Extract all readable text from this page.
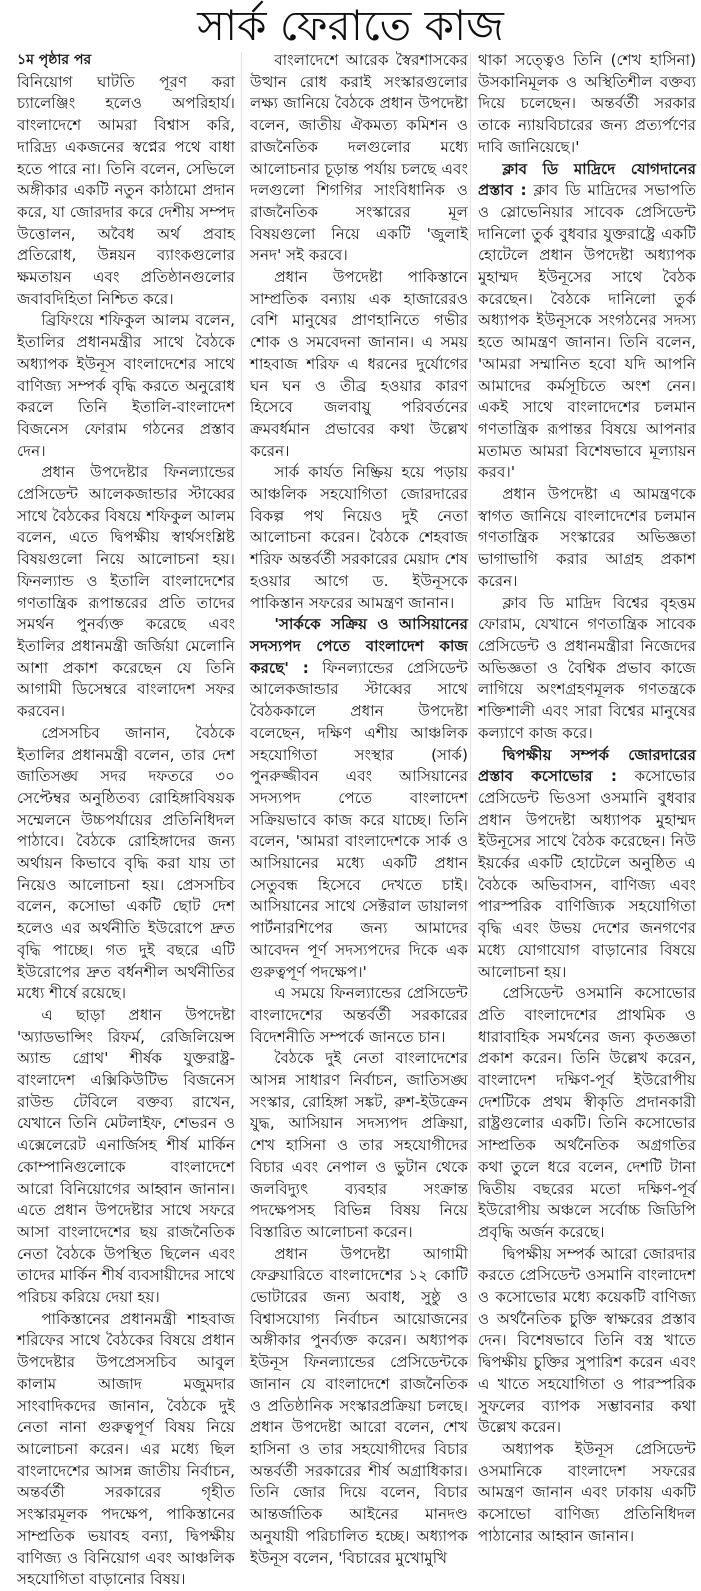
সার্ক ফেরাতে কাজ
১ম পৃষ্ঠার পর

বিনিয়োগ ঘাটতি পূরণ করা চ্যালেঞ্জিং হলেও অপরিহার্য। বাংলাদেশে আমরা বিশ্বাস করি, দারিদ্র্য একজনের স্বপ্নের পথে বাধা হতে পারে না। তিনি বলেন, সেভিলে অঙ্গীকার একটি নতুন কাঠামো প্রদান করে, যা জোরদার করে দেশীয় সম্পদ উত্তোলন, অবৈধ অর্থ প্রবাহ প্রতিরোধ, উন্নয়ন ব্যাংকগুলোর ক্ষমতায়ন এবং প্রতিষ্ঠানগুলোর জবাবদিহিতা নিশ্চিত করে।

ব্রিফিংয়ে শফিকুল আলম বলেন, ইতালির প্রধানমন্ত্রীর সাথে বৈঠকে অধ্যাপক ইউনূস বাংলাদেশের সাথে বাণিজ্য সম্পর্ক বৃদ্ধি করতে অনুরোধ করলে তিনি ইতালি-বাংলাদেশ বিজনেস ফোরাম গঠনের প্রস্তাব দেন।

প্রধান উপদেষ্টার ফিনল্যান্ডের প্রেসিডেন্ট আলেকজান্ডার স্টাব্বের সাথে বৈঠকের বিষয়ে শফিকুল আলম বলেন, এতে দ্বিপক্ষীয় স্বার্থসংশ্লিষ্ট বিষয়গুলো নিয়ে আলোচনা হয়। ফিনল্যান্ড ও ইতালি বাংলাদেশের গণতান্ত্রিক রূপান্তরের প্রতি তাদের সমর্থন পুনর্ব্যক্ত করেছে এবং ইতালির প্রধানমন্ত্রী জর্জিয়া মেলোনি আশা প্রকাশ করেছেন যে তিনি আগামী ডিসেম্বরে বাংলাদেশ সফর করবেন।

প্রেসসচিব জানান, বৈঠকে ইতালির প্রধানমন্ত্রী বলেন, তার দেশ জাতিসঙ্ঘ সদর দফতরে ৩০ সেপ্টেম্বর অনুষ্ঠিতব্য রোহিঙ্গাবিষয়ক সম্মেলনে উচ্চপর্যায়ের প্রতিনিধিদল পাঠাবে। বৈঠকে রোহিঙ্গাদের জন্য অর্থায়ন কিভাবে বৃদ্ধি করা যায় তা নিয়েও আলোচনা হয়। প্রেসসচিব বলেন, কসোভা একটি ছোট দেশ হলেও এর অর্থনীতি ইউরোপে দ্রুত বৃদ্ধি পাচ্ছে। গত দুই বছরে এটি ইউরোপের দ্রুত বর্ধনশীল অর্থনীতির মধ্যে শীর্ষে রয়েছে।

এ ছাড়া প্রধান উপদেষ্টা 'অ্যাডভান্সিং রিফর্ম, রেজিলিয়েন্স অ্যান্ড গ্রোথ' শীর্ষক যুক্তরাষ্ট্র-বাংলাদেশ এক্সিকিউটিভ বিজনেস রাউন্ড টেবিলে বক্তব্য রাখেন, যেখানে তিনি মেটলাইফ, শেভরন ও এক্সেলেরেট এনার্জিসহ শীর্ষ মার্কিন কোম্পানিগুলোকে বাংলাদেশে আরো বিনিয়োগের আহ্বান জানান। এতে প্রধান উপদেষ্টার সাথে সফরে আসা বাংলাদেশের ছয় রাজনৈতিক নেতা বৈঠকে উপস্থিত ছিলেন এবং তাদের মার্কিন শীর্ষ ব্যবসায়ীদের সাথে পরিচয় করিয়ে দেয়া হয়।

পাকিস্তানের প্রধানমন্ত্রী শাহবাজ শরিফের সাথে বৈঠকের বিষয়ে প্রধান উপদেষ্টার উপপ্রেসসচিব আবুল কালাম আজাদ মজুমদার সাংবাদিকদের জানান, বৈঠকে দুই নেতা নানা গুরুত্বপূর্ণ বিষয় নিয়ে আলোচনা করেন। এর মধ্যে ছিল বাংলাদেশের আসন্ন জাতীয় নির্বাচন, অন্তর্বর্তী সরকারের গৃহীত সংস্কারমূলক পদক্ষেপ, পাকিস্তানের সাম্প্রতিক ভয়াবহ বন্যা, দ্বিপক্ষীয় বাণিজ্য ও বিনিয়োগ এবং আঞ্চলিক সহযোগিতা বাড়ানোর বিষয়।

বাংলাদেশে আরেক স্বৈরশাসকের উত্থান রোধ করাই সংস্কারগুলোর লক্ষ্য জানিয়ে বৈঠকে প্রধান উপদেষ্টা বলেন, জাতীয় ঐকমত্য কমিশন ও রাজনৈতিক দলগুলোর মধ্যে আলোচনার চূড়ান্ত পর্যায় চলছে এবং দলগুলো শিগগির সাংবিধানিক ও রাজনৈতিক সংস্কারের মূল বিষয়গুলো নিয়ে একটি 'জুলাই সনদ' সই করবে।

প্রধান উপদেষ্টা পাকিস্তানে সাম্প্রতিক বন্যায় এক হাজারেরও বেশি মানুষের প্রাণহানিতে গভীর শোক ও সমবেদনা জানান। এ সময় শাহবাজ শরিফ এ ধরনের দুর্যোগের ঘন ঘন ও তীব্র হওয়ার কারণ হিসেবে জলবায়ু পরিবর্তনের ক্রমবর্ধমান প্রভাবের কথা উল্লেখ করেন।

সার্ক কার্যত নিষ্ক্রিয় হয়ে পড়ায় আঞ্চলিক সহযোগিতা জোরদারের বিকল্প পথ নিয়েও দুই নেতা আলোচনা করেন। বৈঠকে শেহবাজ শরিফ অন্তর্বর্তী সরকারের মেয়াদ শেষ হওয়ার আগে ড. ইউনূসকে পাকিস্তান সফরের আমন্ত্রণ জানান।

'সার্ককে সক্রিয় ও আসিয়ানের সদস্যপদ পেতে বাংলাদেশ কাজ করছে' : ফিনল্যান্ডের প্রেসিডেন্ট আলেকজান্ডার স্টাব্বের সাথে বৈঠককালে প্রধান উপদেষ্টা বলেছেন, দক্ষিণ এশীয় আঞ্চলিক সহযোগিতা সংস্থার (সার্ক) পুনরুজ্জীবন এবং আসিয়ানের সদস্যপদ পেতে বাংলাদেশ সক্রিয়ভাবে কাজ করে যাচ্ছে। তিনি বলেন, 'আমরা বাংলাদেশকে সার্ক ও আসিয়ানের মধ্যে একটি প্রধান সেতুবন্ধ হিসেবে দেখতে চাই। আসিয়ানের সাথে সেক্টরাল ডায়ালগ পার্টনারশিপের জন্য আমাদের আবেদন পূর্ণ সদস্যপদের দিকে এক গুরুত্বপূর্ণ পদক্ষেপ।'

এ সময়ে ফিনল্যান্ডের প্রেসিডেন্ট বাংলাদেশের অন্তর্বর্তী সরকারের বিদেশনীতি সম্পর্কে জানতে চান।

বৈঠকে দুই নেতা বাংলাদেশের আসন্ন সাধারণ নির্বাচন, জাতিসঙ্ঘ সংস্কার, রোহিঙ্গা সঙ্কট, রুশ-ইউক্রেন যুদ্ধ, আসিয়ান সদস্যপদ প্রক্রিয়া, শেখ হাসিনা ও তার সহযোগীদের বিচার এবং নেপাল ও ভুটান থেকে জলবিদ্যুৎ ব্যবহার সংক্রান্ত পদক্ষেপসহ বিভিন্ন বিষয় নিয়ে বিস্তারিত আলোচনা করেন।

প্রধান উপদেষ্টা আগামী ফেব্রুয়ারিতে বাংলাদেশের ১২ কোটি ভোটারের জন্য অবাধ, সুষ্ঠু ও বিশ্বাসযোগ্য নির্বাচন আয়োজনের অঙ্গীকার পুনর্ব্যক্ত করেন। অধ্যাপক ইউনূস ফিনল্যান্ডের প্রেসিডেন্টকে জানান যে বাংলাদেশে রাজনৈতিক ও প্রতিষ্ঠানিক সংস্কারপ্রক্রিয়া চলছে। প্রধান উপদেষ্টা আরো বলেন, শেখ হাসিনা ও তার সহযোগীদের বিচার অন্তর্বর্তী সরকারের শীর্ষ অগ্রাধিকার। তিনি জোর দিয়ে বলেন, বিচার আন্তর্জাতিক আইনের মানদণ্ড অনুযায়ী পরিচালিত হচ্ছে। অধ্যাপক ইউনূস বলেন, 'বিচারের মুখোমুখি

থাকা সত্ত্বেও তিনি (শেখ হাসিনা) উসকানিমূলক ও অস্থিতিশীল বক্তব্য দিয়ে চলেছেন। অন্তর্বর্তী সরকার তাকে ন্যায়বিচারের জন্য প্রত্যর্পণের দাবি জানিয়েছে।'

ক্লাব ডি মাদ্রিদে যোগদানের প্রস্তাব : ক্লাব ডি মাদ্রিদের সভাপতি ও স্লোভেনিয়ার সাবেক প্রেসিডেন্ট দানিলো তুর্ক বুধবার যুক্তরাষ্ট্রে একটি হোটেলে প্রধান উপদেষ্টা অধ্যাপক মুহাম্মদ ইউনূসের সাথে বৈঠক করেছেন। বৈঠকে দানিলো তুর্ক অধ্যাপক ইউনূসকে সংগঠনের সদস্য হতে আমন্ত্রণ জানান। তিনি বলেন, 'আমরা সম্মানিত হবো যদি আপনি আমাদের কর্মসূচিতে অংশ নেন। একই সাথে বাংলাদেশের চলমান গণতান্ত্রিক রূপান্তর বিষয়ে আপনার মতামত আমরা বিশেষভাবে মূল্যায়ন করব।'

প্রধান উপদেষ্টা এ আমন্ত্রণকে স্বাগত জানিয়ে বাংলাদেশের চলমান গণতান্ত্রিক সংস্কারের অভিজ্ঞতা ভাগাভাগি করার আগ্রহ প্রকাশ করেন।

ক্লাব ডি মাদ্রিদ বিশ্বের বৃহত্তম ফোরাম, যেখানে গণতান্ত্রিক সাবেক প্রেসিডেন্ট ও প্রধানমন্ত্রীরা নিজেদের অভিজ্ঞতা ও বৈশ্বিক প্রভাব কাজে লাগিয়ে অংশগ্রহণমূলক গণতন্ত্রকে শক্তিশালী এবং সারা বিশ্বের মানুষের কল্যাণে কাজ করে।

দ্বিপক্ষীয় সম্পর্ক জোরদারের প্রস্তাব কসোভোর : কসোভোর প্রেসিডেন্ট ভিওসা ওসমানি বুধবার প্রধান উপদেষ্টা অধ্যাপক মুহাম্মদ ইউনূসের সাথে বৈঠক করেছেন। নিউ ইয়র্কের একটি হোটেলে অনুষ্ঠিত এ বৈঠকে অভিবাসন, বাণিজ্য এবং পারস্পরিক বাণিজ্যিক সহযোগিতা বৃদ্ধি এবং উভয় দেশের জনগণের মধ্যে যোগাযোগ বাড়ানোর বিষয়ে আলোচনা হয়।

প্রেসিডেন্ট ওসমানি কসোভোর প্রতি বাংলাদেশের প্রাথমিক ও ধারাবাহিক সমর্থনের জন্য কৃতজ্ঞতা প্রকাশ করেন। তিনি উল্লেখ করেন, বাংলাদেশ দক্ষিণ-পূর্ব ইউরোপীয় দেশটিকে প্রথম স্বীকৃতি প্রদানকারী রাষ্ট্রগুলোর একটি। তিনি কসোভোর সাম্প্রতিক অর্থনৈতিক অগ্রগতির কথা তুলে ধরে বলেন, দেশটি টানা দ্বিতীয় বছরের মতো দক্ষিণ-পূর্ব ইউরোপীয় অঞ্চলে সর্বোচ্চ জিডিপি প্রবৃদ্ধি অর্জন করেছে।

দ্বিপক্ষীয় সম্পর্ক আরো জোরদার করতে প্রেসিডেন্ট ওসমানি বাংলাদেশ ও কসোভোর মধ্যে কয়েকটি বাণিজ্য ও অর্থনৈতিক চুক্তি স্বাক্ষরের প্রস্তাব দেন। বিশেষভাবে তিনি বস্ত্র খাতে দ্বিপক্ষীয় চুক্তির সুপারিশ করেন এবং এ খাতে সহযোগিতা ও পারস্পরিক সুফলের ব্যাপক সম্ভাবনার কথা উল্লেখ করেন।

অধ্যাপক ইউনূস প্রেসিডেন্ট ওসমানিকে বাংলাদেশ সফরের আমন্ত্রণ জানান এবং ঢাকায় একটি কসোভো বাণিজ্য প্রতিনিধিদল পাঠানোর আহ্বান জানান।
